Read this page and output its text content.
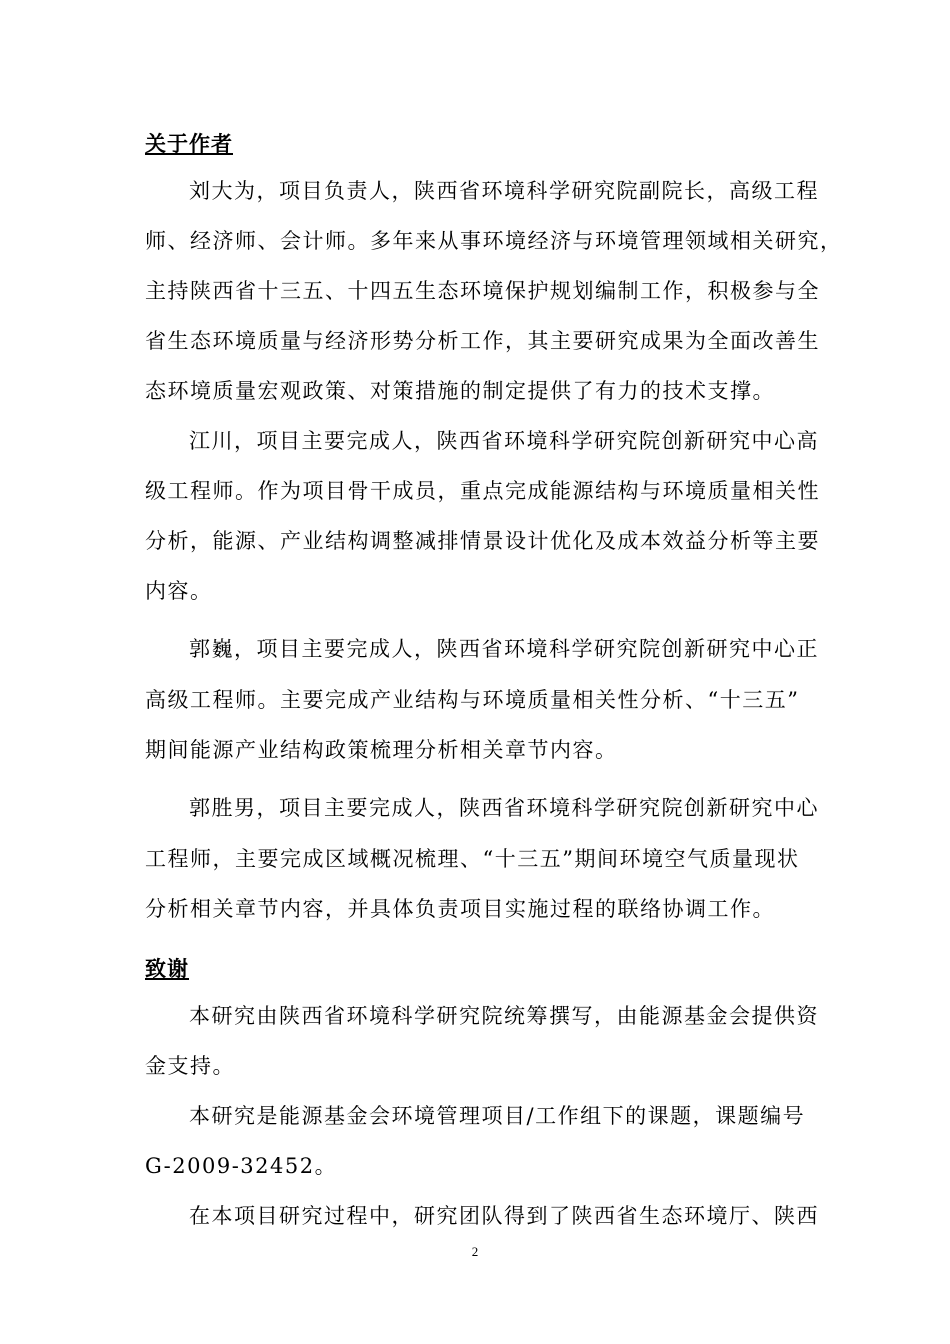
关于作者
刘大为，项目负责人，陕西省环境科学研究院副院长，高级工程
师、经济师、会计师。多年来从事环境经济与环境管理领域相关研究，
主持陕西省十三五、十四五生态环境保护规划编制工作，积极参与全
省生态环境质量与经济形势分析工作，其主要研究成果为全面改善生
态环境质量宏观政策、对策措施的制定提供了有力的技术支撑。
江川，项目主要完成人，陕西省环境科学研究院创新研究中心高
级工程师。作为项目骨干成员，重点完成能源结构与环境质量相关性
分析，能源、产业结构调整减排情景设计优化及成本效益分析等主要
内容。
郭巍，项目主要完成人，陕西省环境科学研究院创新研究中心正
高级工程师。主要完成产业结构与环境质量相关性分析、“十三五”
期间能源产业结构政策梳理分析相关章节内容。
郭胜男，项目主要完成人，陕西省环境科学研究院创新研究中心
工程师，主要完成区域概况梳理、“十三五”期间环境空气质量现状
分析相关章节内容，并具体负责项目实施过程的联络协调工作。
致谢
本研究由陕西省环境科学研究院统筹撰写，由能源基金会提供资
金支持。
本研究是能源基金会环境管理项目/工作组下的课题，课题编号
G-2009-32452。
在本项目研究过程中，研究团队得到了陕西省生态环境厅、陕西
2
